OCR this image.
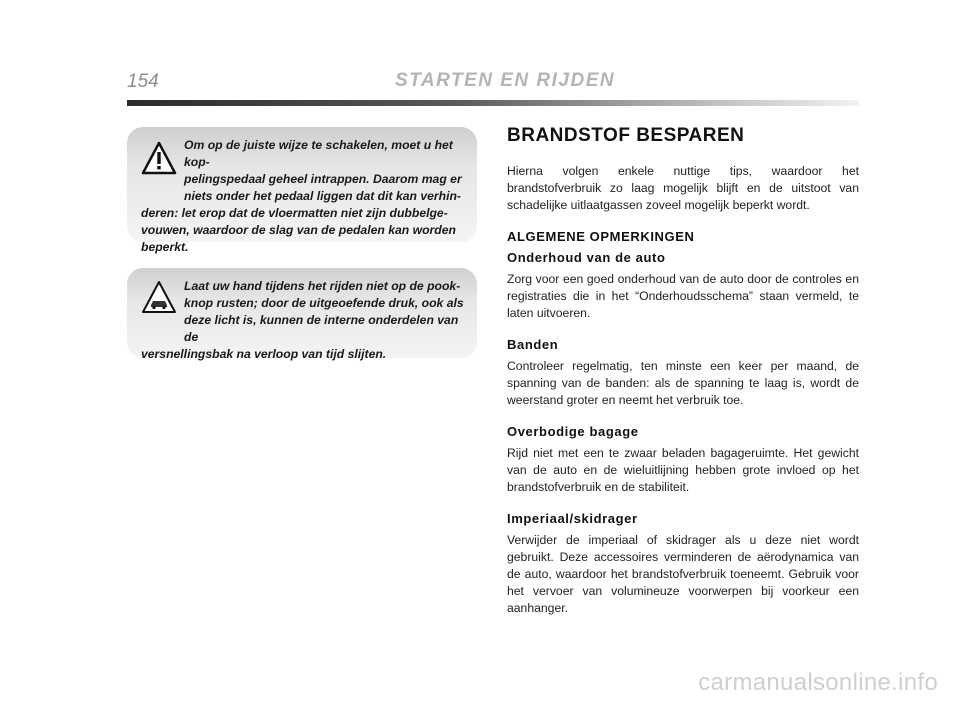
154	STARTEN EN RIJDEN

Om op de juiste wijze te schakelen, moet u het kop-
pelingspedaal geheel intrappen. Daarom mag er
niets onder het pedaal liggen dat dit kan verhin-
deren: let erop dat de vloermatten niet zijn dubbelge-
vouwen, waardoor de slag van de pedalen kan worden
beperkt.

Laat uw hand tijdens het rijden niet op de pook-
knop rusten; door de uitgeoefende druk, ook als
deze licht is, kunnen de interne onderdelen van de
versnellingsbak na verloop van tijd slijten.

BRANDSTOF BESPAREN

Hierna volgen enkele nuttige tips, waardoor het brandstofverbruik zo laag mogelijk blijft en de uitstoot van schadelijke uitlaatgassen zoveel mogelijk beperkt wordt.

ALGEMENE OPMERKINGEN
Onderhoud van de auto

Zorg voor een goed onderhoud van de auto door de controles en registraties die in het “Onderhoudsschema” staan vermeld, te laten uitvoeren.

Banden

Controleer regelmatig, ten minste een keer per maand, de spanning van de banden: als de spanning te laag is, wordt de weerstand groter en neemt het verbruik toe.

Overbodige bagage

Rijd niet met een te zwaar beladen bagageruimte. Het gewicht van de auto en de wieluitlijning hebben grote invloed op het brandstofverbruik en de stabiliteit.

Imperiaal/skidrager

Verwijder de imperiaal of skidrager als u deze niet wordt gebruikt. Deze accessoires verminderen de aërodynamica van de auto, waardoor het brandstofverbruik toeneemt. Gebruik voor het vervoer van volumineuze voorwerpen bij voorkeur een aanhanger.

carmanualsonline.info
